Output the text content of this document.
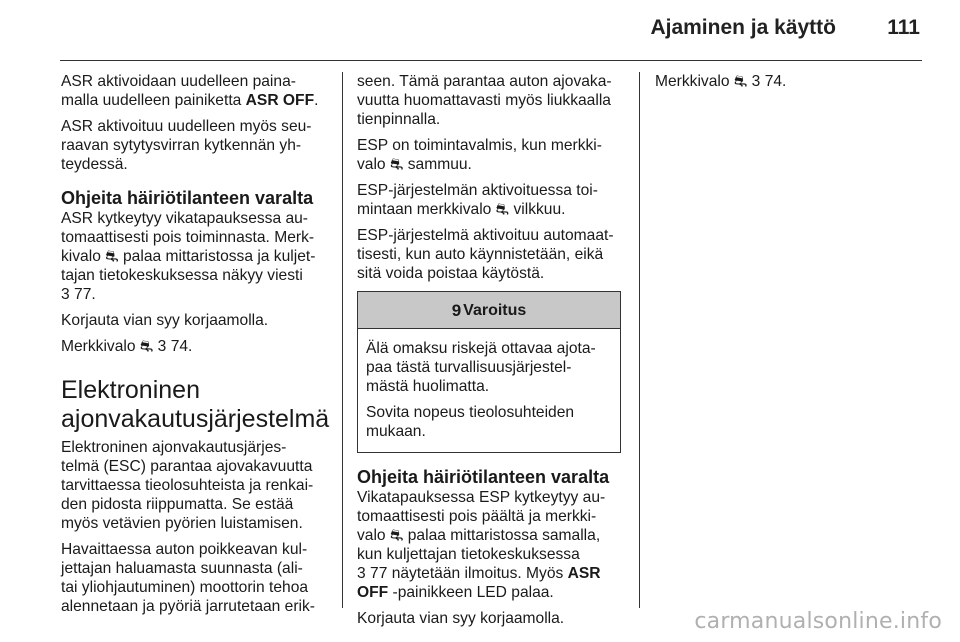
Ajaminen ja käyttö 111

ASR aktivoidaan uudelleen paina-
malla uudelleen painiketta ASR OFF.

ASR aktivoituu uudelleen myös seu-
raavan sytytysvirran kytkennän yh-
teydessä.

Ohjeita häiriötilanteen varalta

ASR kytkeytyy vikatapauksessa au-
tomaattisesti pois toiminnasta. Merk-
kivalo ⛐ palaa mittaristossa ja kuljet-
tajan tietokeskuksessa näkyy viesti
3 77.

Korjauta vian syy korjaamolla.

Merkkivalo ⛐ 3 74.

Elektroninen
ajonvakautusjärjestelmä

Elektroninen ajonvakautusjärjes-
telmä (ESC) parantaa ajovakavuutta
tarvittaessa tieolosuhteista ja renkai-
den pidosta riippumatta. Se estää
myös vetävien pyörien luistamisen.

Havaittaessa auton poikkeavan kul-
jettajan haluamasta suunnasta (ali-
tai yliohjautuminen) moottorin tehoa
alennetaan ja pyöriä jarrutetaan erik-

seen. Tämä parantaa auton ajovaka-
vuutta huomattavasti myös liukkaalla
tienpinnalla.

ESP on toimintavalmis, kun merkki-
valo ⛐ sammuu.

ESP-järjestelmän aktivoituessa toi-
mintaan merkkivalo ⛐ vilkkuu.

ESP-järjestelmä aktivoituu automaat-
tisesti, kun auto käynnistetään, eikä
sitä voida poistaa käytöstä.

9 Varoitus

Älä omaksu riskejä ottavaa ajota-
paa tästä turvallisuusjärjestel-
mästä huolimatta.

Sovita nopeus tieolosuhteiden
mukaan.

Ohjeita häiriötilanteen varalta

Vikatapauksessa ESP kytkeytyy au-
tomaattisesti pois päältä ja merkki-
valo ⛐ palaa mittaristossa samalla,
kun kuljettajan tietokeskuksessa
3 77 näytetään ilmoitus. Myös ASR
OFF -painikkeen LED palaa.

Korjauta vian syy korjaamolla.

Merkkivalo ⛐ 3 74.

carmanualsonline.info
